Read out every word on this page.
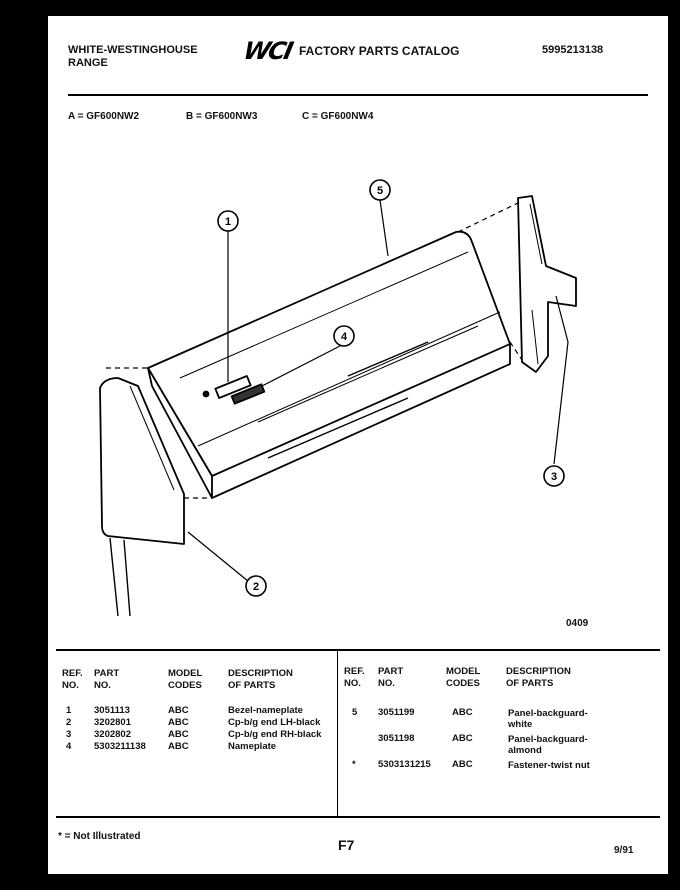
WHITE-WESTINGHOUSE
RANGE	WCI FACTORY PARTS CATALOG	5995213138
A = GF600NW2	B = GF600NW3	C = GF600NW4
1
2
3
4
5
0409
REF.
NO.
PART
NO.
MODEL
CODES
DESCRIPTION
OF PARTS
1 3051113	ABC	Bezel-nameplate
2 3202801	ABC	Cp-b/g end LH-black
3 3202802	ABC	Cp-b/g end RH-black
4 5303211138 ABC	Nameplate
REF.
NO.
PART
NO.
MODEL
CODES
DESCRIPTION
OF PARTS
5 3051199	ABC	Panel-backguard-
white
3051198	ABC	Panel-backguard-
almond
* 5303131215 ABC	Fastener-twist nut
* = Not Illustrated
F7	9/91
